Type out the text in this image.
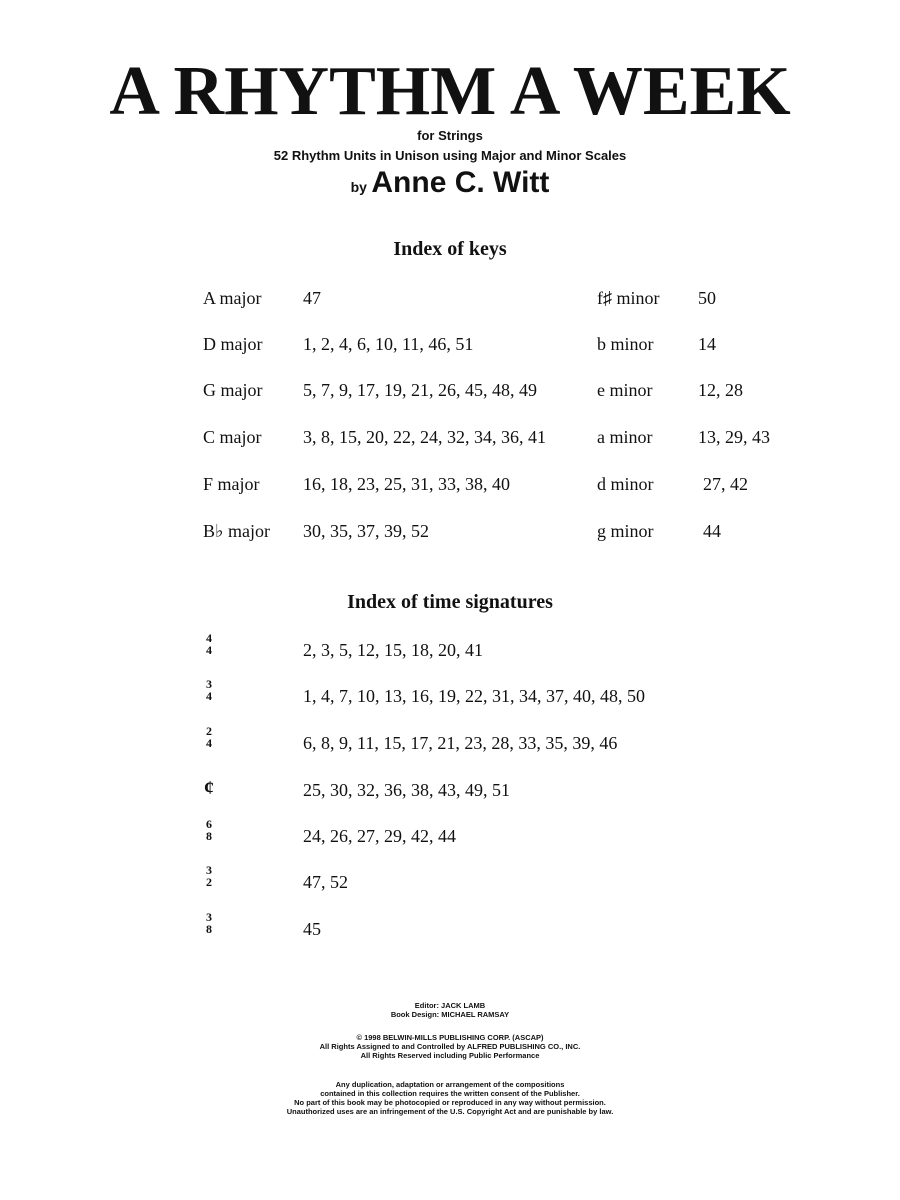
A RHYTHM A WEEK
for Strings
52 Rhythm Units in Unison using Major and Minor Scales
by Anne C. Witt
Index of keys
A major 47	f♯ minor 50
D major 1, 2, 4, 6, 10, 11, 46, 51	b minor 14
G major 5, 7, 9, 17, 19, 21, 26, 45, 48, 49	e minor	12, 28
C major 3, 8, 15, 20, 22, 24, 32, 34, 36, 41	a minor	13, 29, 43
F major 16, 18, 23, 25, 31, 33, 38, 40	d minor	27, 42
B♭ major 30, 35, 37, 39, 52	g minor	44
Index of time signatures
4
4	2, 3, 5, 12, 15, 18, 20, 41
3
4	1, 4, 7, 10, 13, 16, 19, 22, 31, 34, 37, 40, 48, 50
2
4	6, 8, 9, 11, 15, 17, 21, 23, 28, 33, 35, 39, 46
¢	25, 30, 32, 36, 38, 43, 49, 51
6
8	24, 26, 27, 29, 42, 44
3
2	47, 52
3
8	45
Editor: JACK LAMB
Book Design: MICHAEL RAMSAY
© 1998 BELWIN-MILLS PUBLISHING CORP. (ASCAP)
All Rights Assigned to and Controlled by ALFRED PUBLISHING CO., INC.
All Rights Reserved including Public Performance
Any duplication, adaptation or arrangement of the compositions
contained in this collection requires the written consent of the Publisher.
No part of this book may be photocopied or reproduced in any way without permission.
Unauthorized uses are an infringement of the U.S. Copyright Act and are punishable by law.
